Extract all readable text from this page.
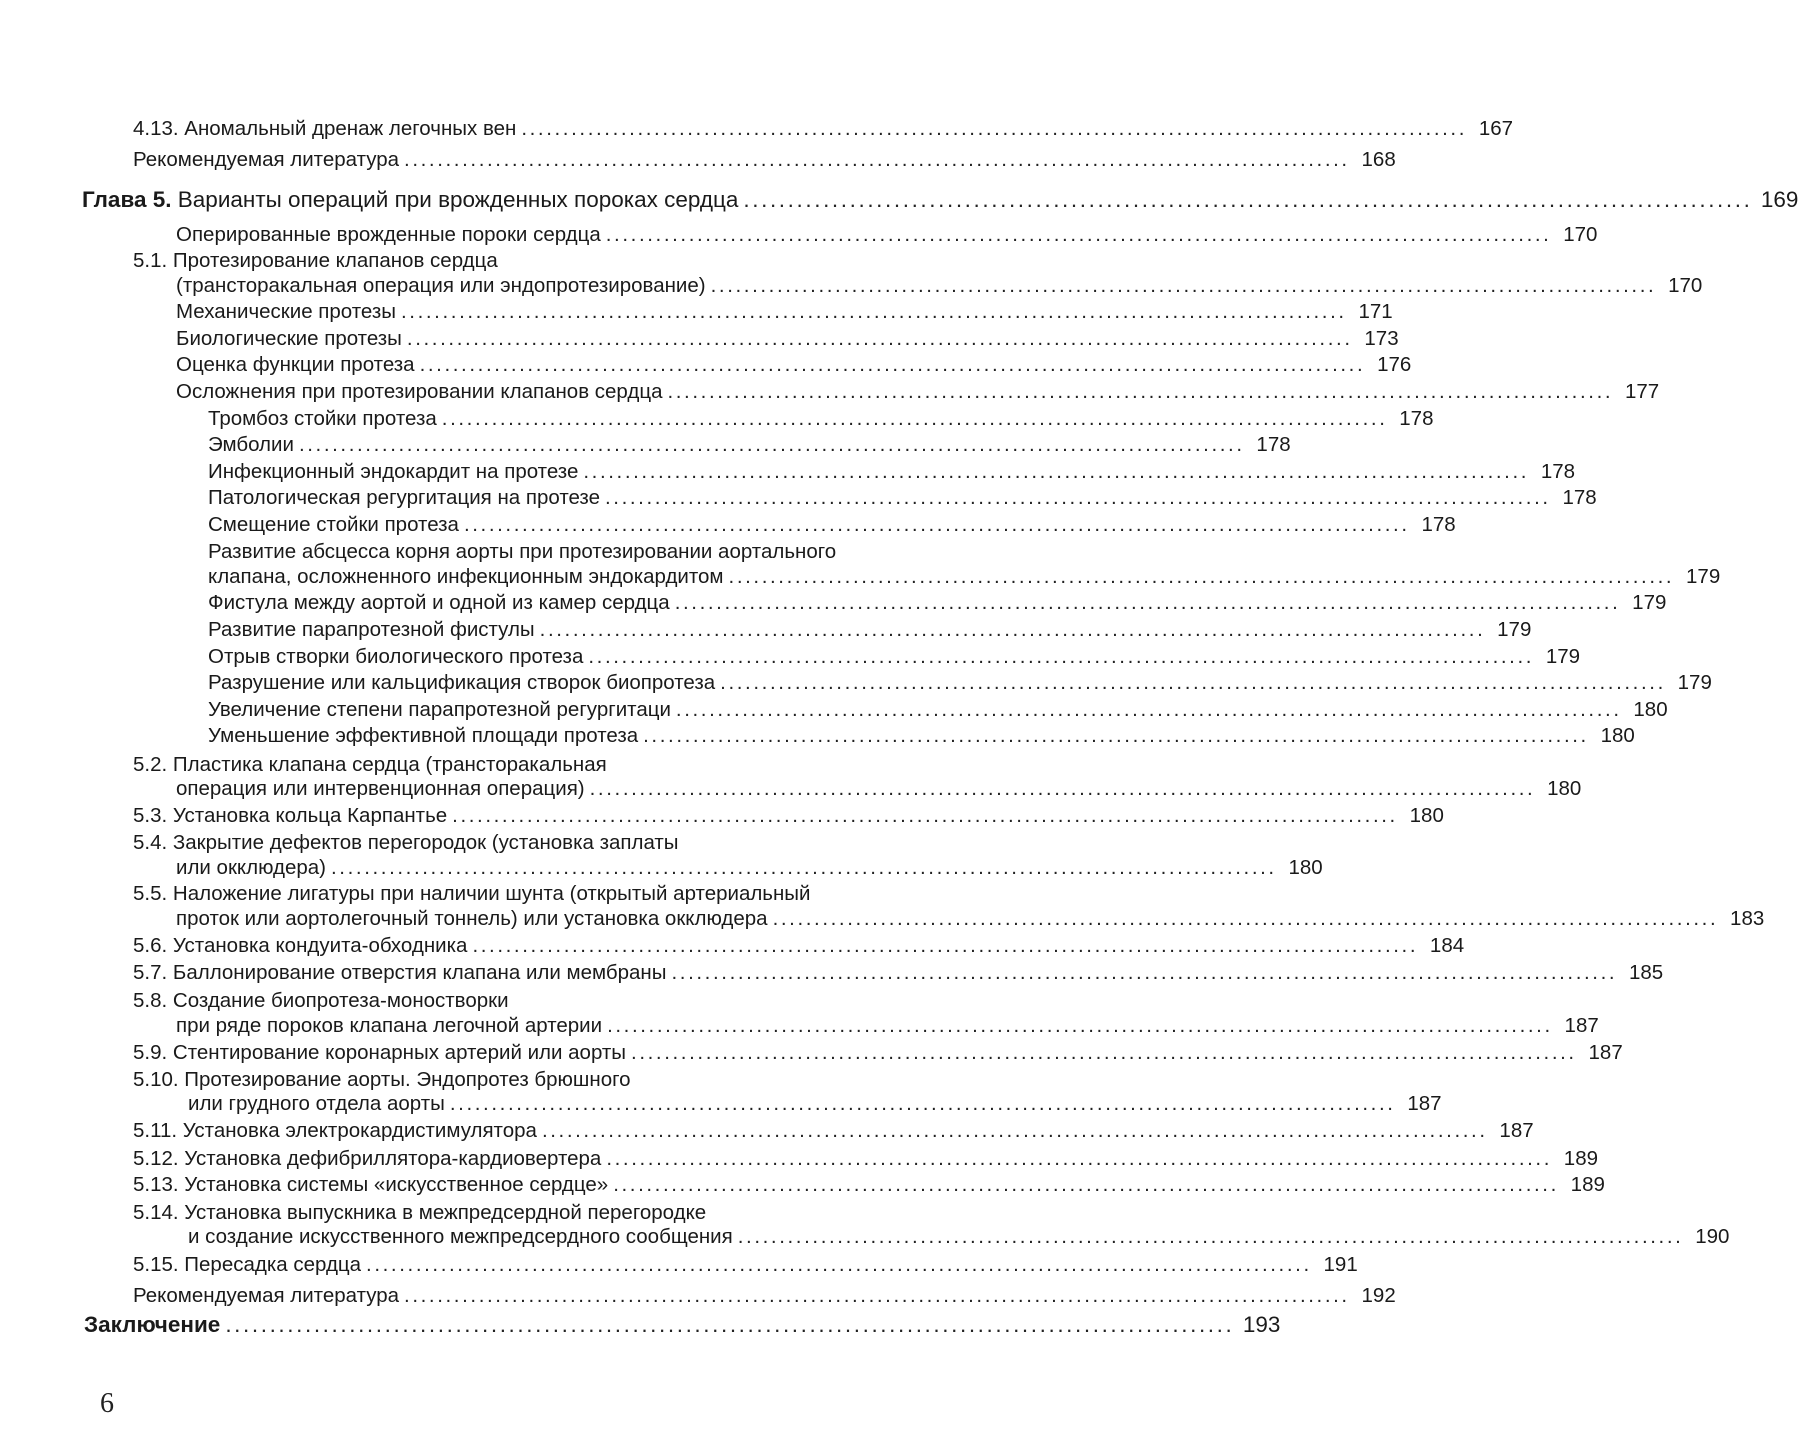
4.13. Аномальный дренаж легочных вен .................................................................................................................. 167
Рекомендуемая литература .................................................................................................................. 168
Глава 5. Варианты операций при врожденных пороках сердца .................................................................................................................. 169
Оперированные врожденные пороки сердца .................................................................................................................. 170
5.1. Протезирование клапанов сердца
(трансторакальная операция или эндопротезирование) .................................................................................................................. 170
Механические протезы .................................................................................................................. 171
Биологические протезы .................................................................................................................. 173
Оценка функции протеза .................................................................................................................. 176
Осложнения при протезировании клапанов сердца .................................................................................................................. 177
Тромбоз стойки протеза .................................................................................................................. 178
Эмболии .................................................................................................................. 178
Инфекционный эндокардит на протезе .................................................................................................................. 178
Патологическая регургитация на протезе .................................................................................................................. 178
Смещение стойки протеза .................................................................................................................. 178
Развитие абсцесса корня аорты при протезировании аортального
клапана, осложненного инфекционным эндокардитом .................................................................................................................. 179
Фистула между аортой и одной из камер сердца .................................................................................................................. 179
Развитие парапротезной фистулы .................................................................................................................. 179
Отрыв створки биологического протеза .................................................................................................................. 179
Разрушение или кальцификация створок биопротеза .................................................................................................................. 179
Увеличение степени парапротезной регургитаци .................................................................................................................. 180
Уменьшение эффективной площади протеза .................................................................................................................. 180
5.2. Пластика клапана сердца (трансторакальная
операция или интервенционная операция) .................................................................................................................. 180
5.3. Установка кольца Карпантье .................................................................................................................. 180
5.4. Закрытие дефектов перегородок (установка заплаты
или окклюдера) .................................................................................................................. 180
5.5. Наложение лигатуры при наличии шунта (открытый артериальный
проток или аортолегочный тоннель) или установка окклюдера .................................................................................................................. 183
5.6. Установка кондуита-обходника .................................................................................................................. 184
5.7. Баллонирование отверстия клапана или мембраны .................................................................................................................. 185
5.8. Создание биопротеза-моностворки
при ряде пороков клапана легочной артерии .................................................................................................................. 187
5.9. Стентирование коронарных артерий или аорты .................................................................................................................. 187
5.10. Протезирование аорты. Эндопротез брюшного
или грудного отдела аорты .................................................................................................................. 187
5.11. Установка электрокардистимулятора .................................................................................................................. 187
5.12. Установка дефибриллятора-кардиовертера .................................................................................................................. 189
5.13. Установка системы «искусственное сердце» .................................................................................................................. 189
5.14. Установка выпускника в межпредсердной перегородке
и создание искусственного межпредсердного сообщения .................................................................................................................. 190
5.15. Пересадка сердца .................................................................................................................. 191
Рекомендуемая литература .................................................................................................................. 192
Заключение .................................................................................................................. 193
6
